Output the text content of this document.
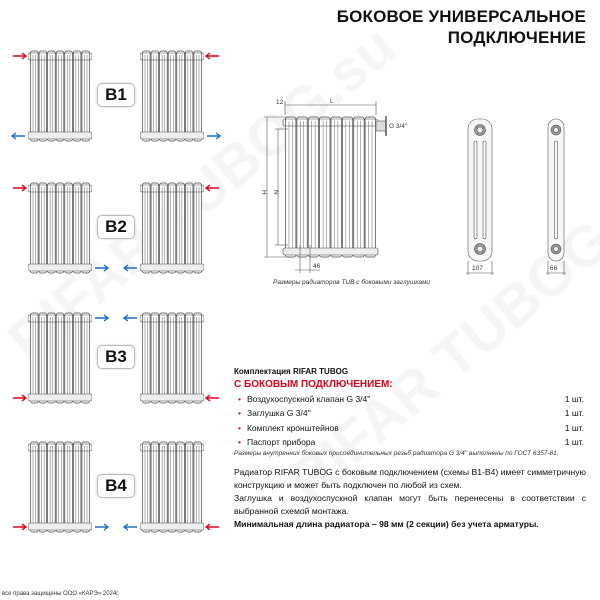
БОКОВОЕ УНИВЕРСАЛЬНОЕ
ПОДКЛЮЧЕНИЕ
B1
B2
B3
B4
L
12
G 3/4''
H N
46	107	66
Размеры радиаторов TUB с боковыми заглушками
Комплектация RIFAR TUBOG
С БОКОВЫМ ПОДКЛЮЧЕНИЕМ:
• Воздухоспускной клапан G 3/4''	1 шт.
• Заглушка G 3/4''	1 шт.
• Комплект кронштейнов	1 шт.
• Паспорт прибора	1 шт.
Размеры внутренних боковых присоединительных резьб радиатора G 3/4'' выполнены по ГОСТ 6357-81.
Радиатор RIFAR TUBOG с боковым подключением (схемы B1-B4) имеет симметричную конструкцию и может быть подключен по любой из схем.
Заглушка и воздухоспускной клапан могут быть перенесены в соответствии с выбранной схемой монтажа.
Минимальная длина радиатора – 98 мм (2 секции) без учета арматуры.
все права защищены ООО «КАРЭ» 2024г.
